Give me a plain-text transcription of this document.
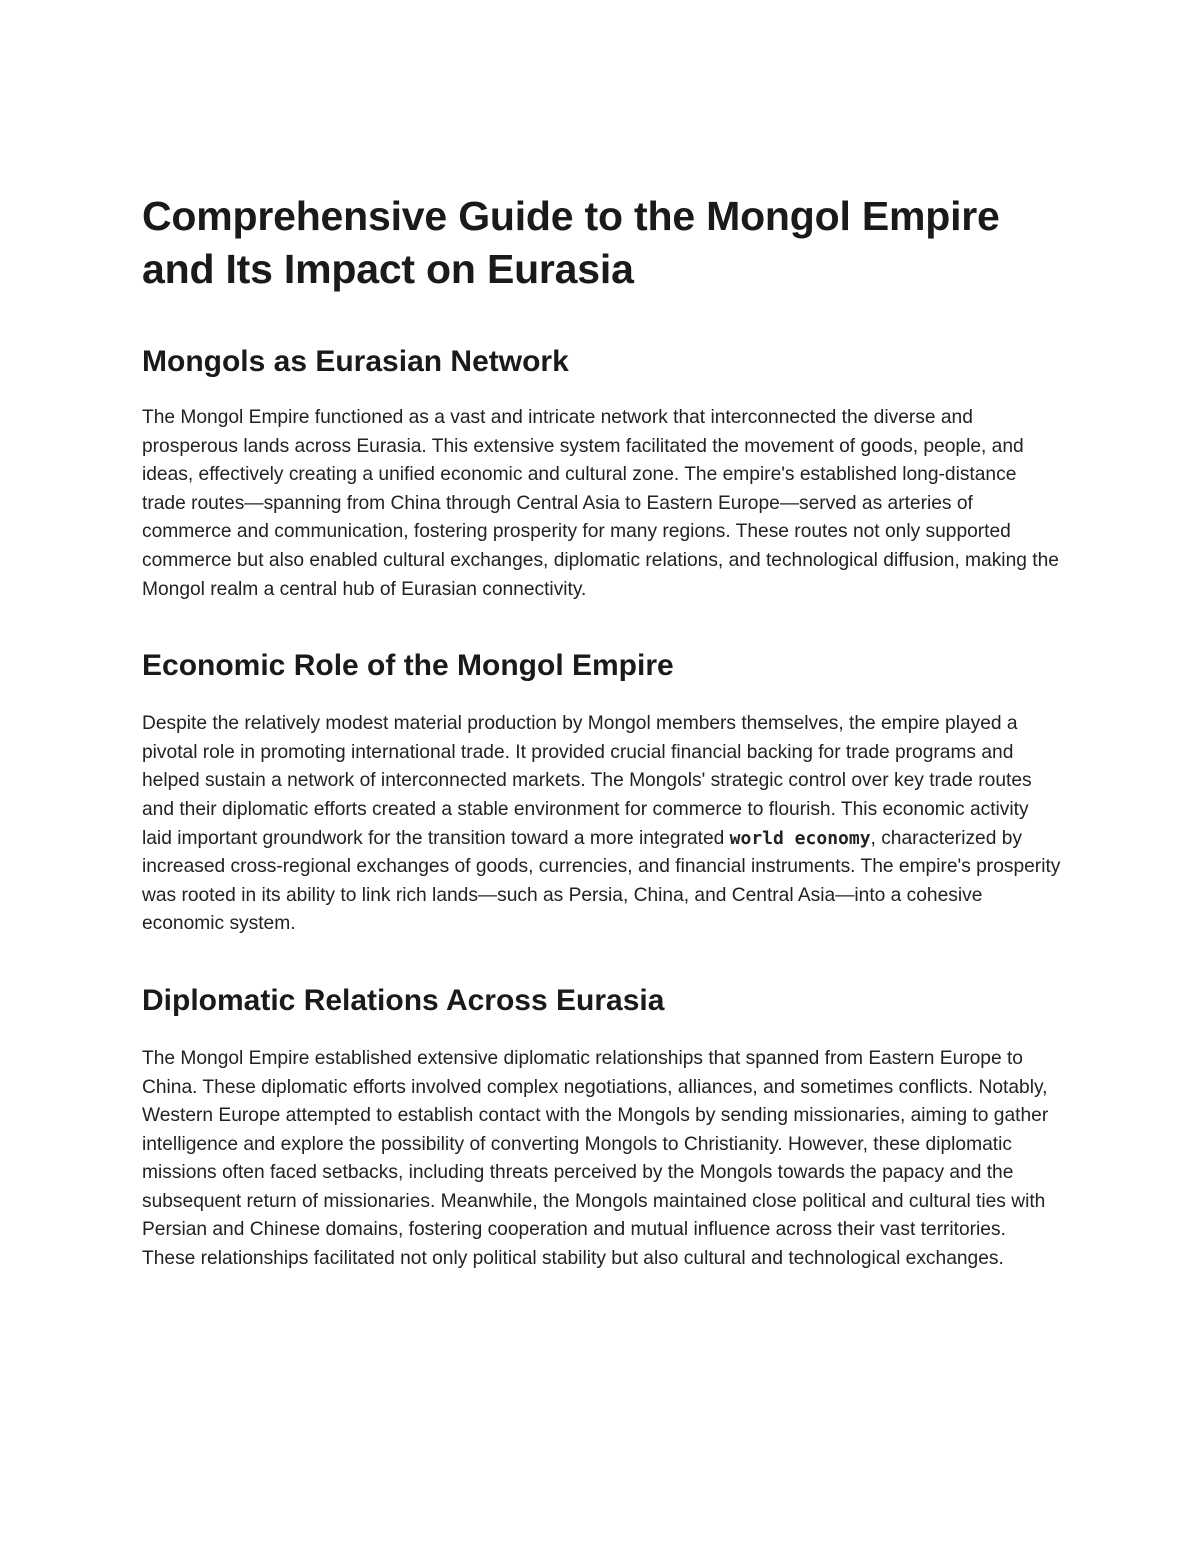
Comprehensive Guide to the Mongol Empire and Its Impact on Eurasia
Mongols as Eurasian Network

The Mongol Empire functioned as a vast and intricate network that interconnected the diverse and prosperous lands across Eurasia. This extensive system facilitated the movement of goods, people, and ideas, effectively creating a unified economic and cultural zone. The empire's established long-distance trade routes—spanning from China through Central Asia to Eastern Europe—served as arteries of commerce and communication, fostering prosperity for many regions. These routes not only supported commerce but also enabled cultural exchanges, diplomatic relations, and technological diffusion, making the Mongol realm a central hub of Eurasian connectivity.

Economic Role of the Mongol Empire

Despite the relatively modest material production by Mongol members themselves, the empire played a pivotal role in promoting international trade. It provided crucial financial backing for trade programs and helped sustain a network of interconnected markets. The Mongols' strategic control over key trade routes and their diplomatic efforts created a stable environment for commerce to flourish. This economic activity laid important groundwork for the transition toward a more integrated world economy, characterized by increased cross-regional exchanges of goods, currencies, and financial instruments. The empire's prosperity was rooted in its ability to link rich lands—such as Persia, China, and Central Asia—into a cohesive economic system.

Diplomatic Relations Across Eurasia

The Mongol Empire established extensive diplomatic relationships that spanned from Eastern Europe to China. These diplomatic efforts involved complex negotiations, alliances, and sometimes conflicts. Notably, Western Europe attempted to establish contact with the Mongols by sending missionaries, aiming to gather intelligence and explore the possibility of converting Mongols to Christianity. However, these diplomatic missions often faced setbacks, including threats perceived by the Mongols towards the papacy and the subsequent return of missionaries. Meanwhile, the Mongols maintained close political and cultural ties with Persian and Chinese domains, fostering cooperation and mutual influence across their vast territories. These relationships facilitated not only political stability but also cultural and technological exchanges.
